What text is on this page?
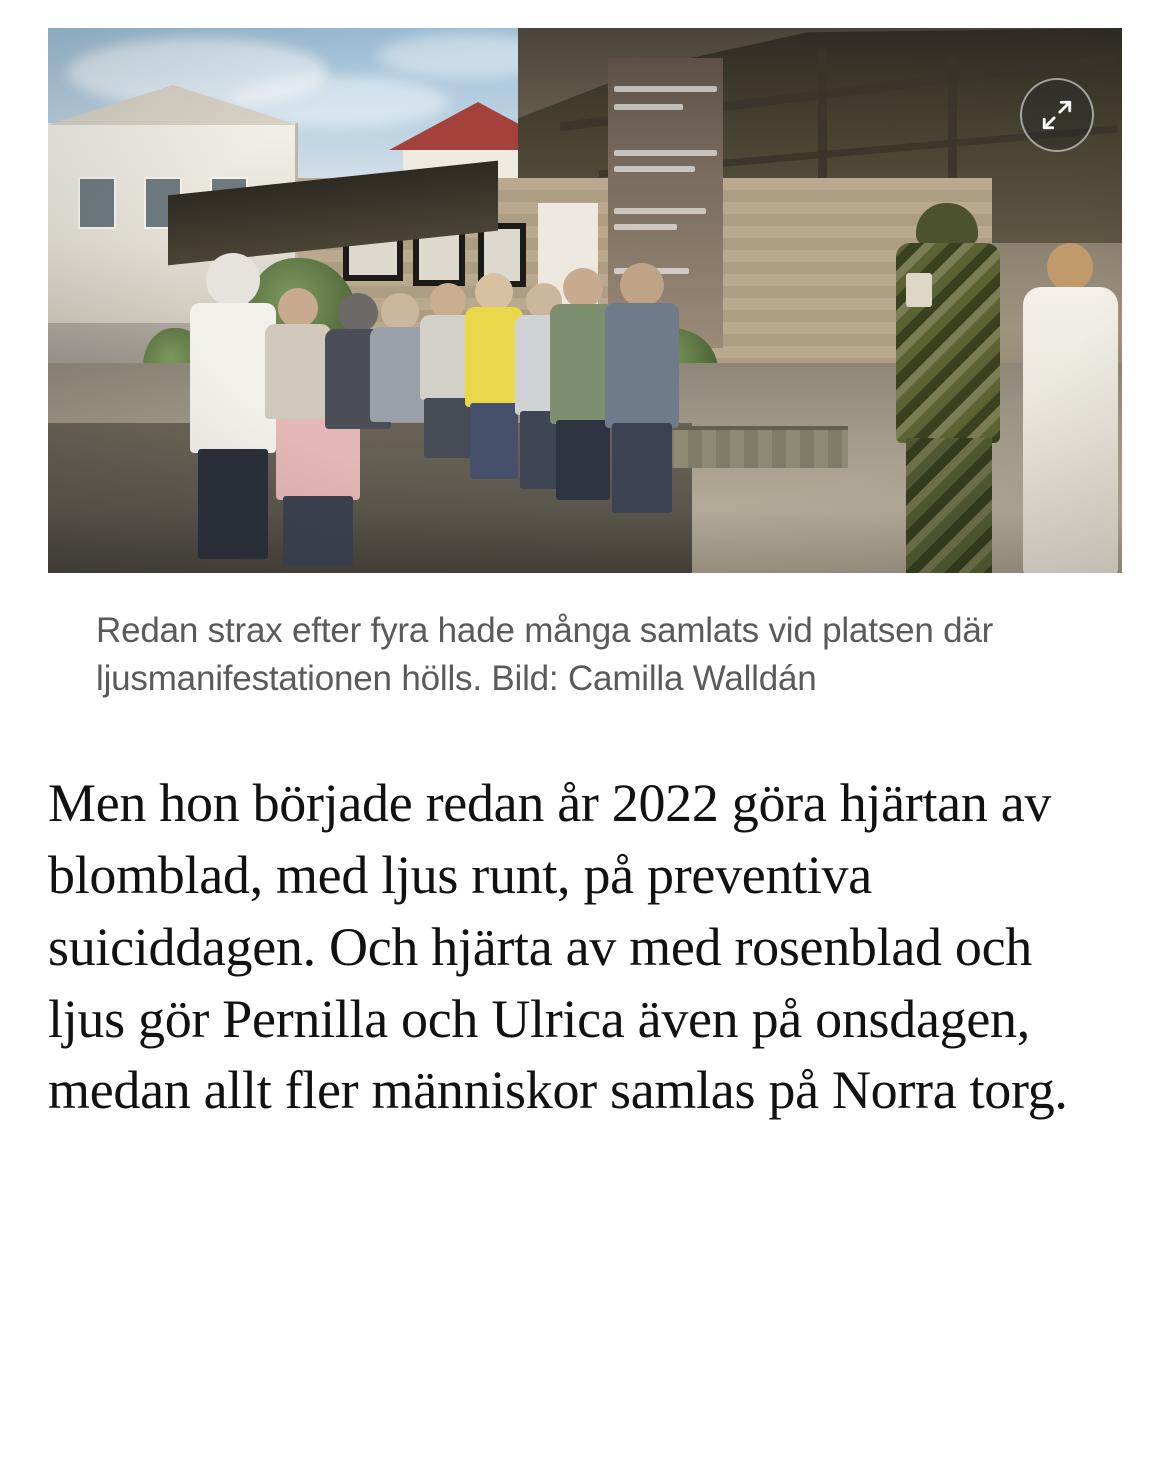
Redan strax efter fyra hade många samlats vid platsen där ljusmanifestationen hölls. Bild: Camilla Walldán
Men hon började redan år 2022 göra hjärtan av blomblad, med ljus runt, på preventiva suiciddagen. Och hjärta av med rosenblad och ljus gör Pernilla och Ulrica även på onsdagen, medan allt fler människor samlas på Norra torg.
